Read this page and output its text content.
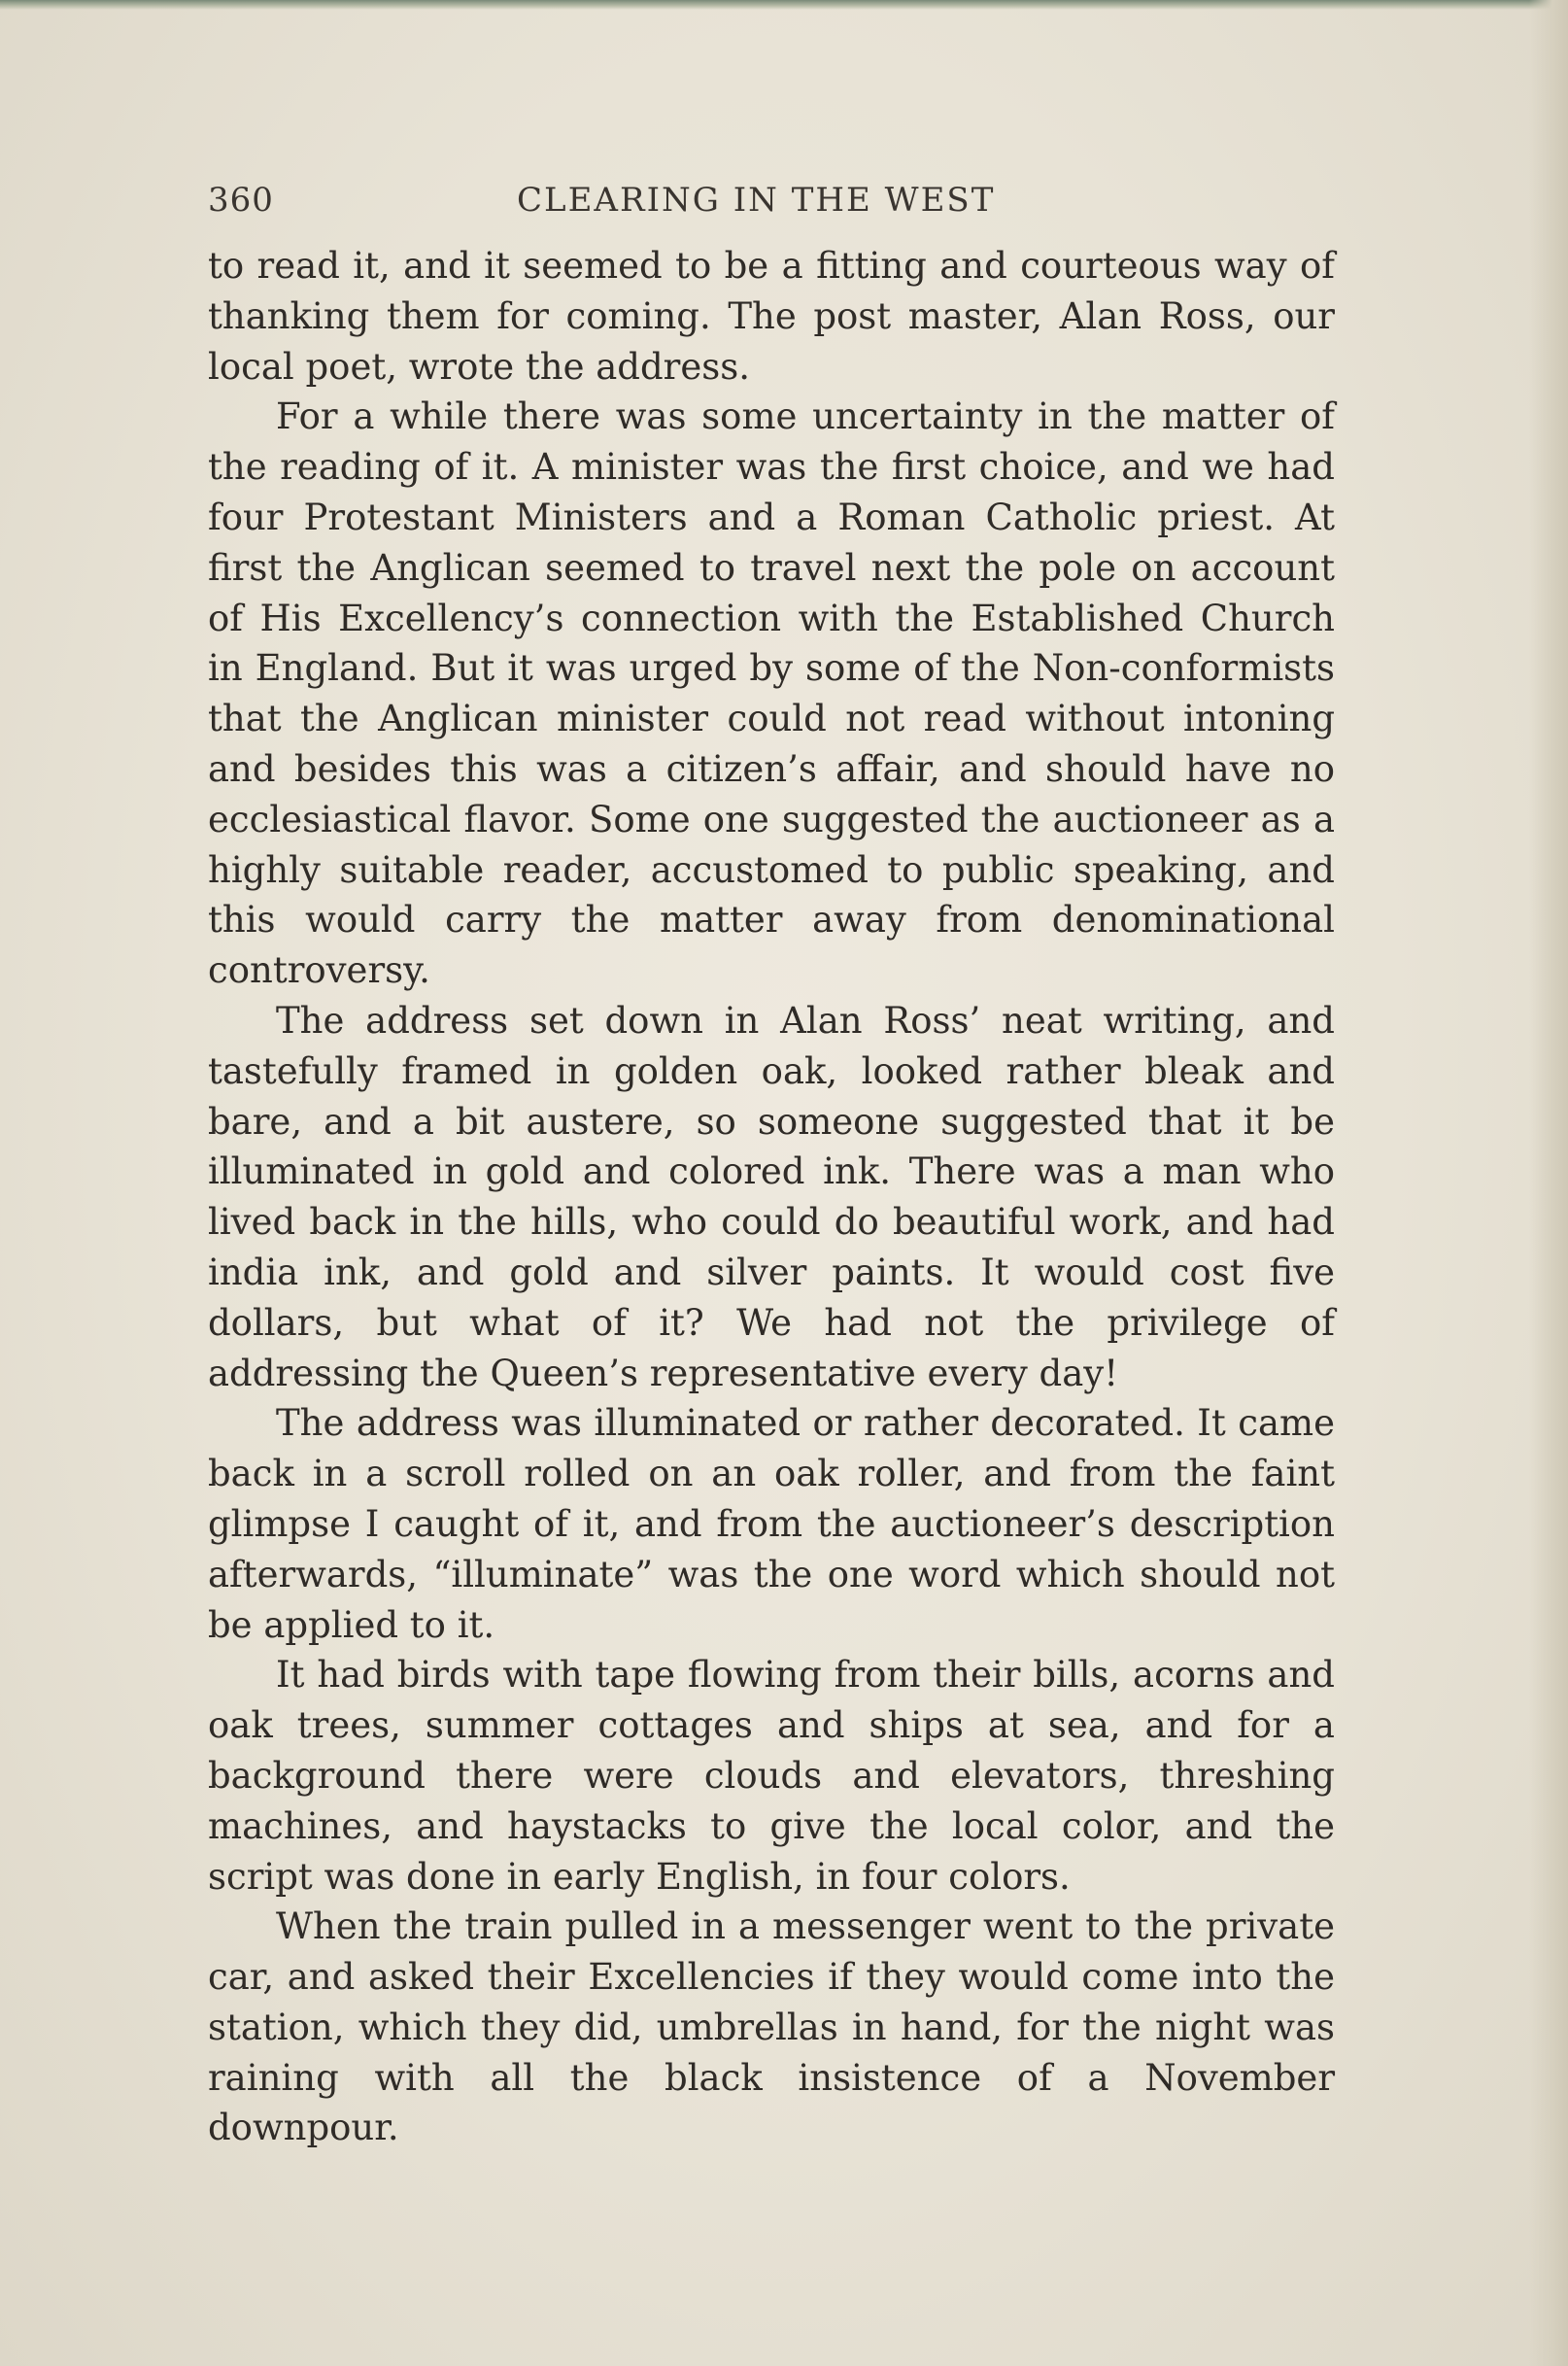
360	CLEARING IN THE WEST

to read it, and it seemed to be a fitting and courteous way of thanking them for coming. The post master, Alan Ross, our local poet, wrote the address.

For a while there was some uncertainty in the matter of the reading of it. A minister was the first choice, and we had four Protestant Ministers and a Roman Catholic priest. At first the Anglican seemed to travel next the pole on account of His Excellency’s connection with the Established Church in England. But it was urged by some of the Non-conformists that the Anglican minister could not read without intoning and besides this was a citizen’s affair, and should have no ecclesiastical flavor. Some one suggested the auctioneer as a highly suitable reader, accustomed to public speaking, and this would carry the matter away from denominational controversy.

The address set down in Alan Ross’ neat writing, and tastefully framed in golden oak, looked rather bleak and bare, and a bit austere, so someone suggested that it be illuminated in gold and colored ink. There was a man who lived back in the hills, who could do beautiful work, and had india ink, and gold and silver paints. It would cost five dollars, but what of it? We had not the privilege of addressing the Queen’s representative every day!

The address was illuminated or rather decorated. It came back in a scroll rolled on an oak roller, and from the faint glimpse I caught of it, and from the auctioneer’s description afterwards, “illuminate” was the one word which should not be applied to it.

It had birds with tape flowing from their bills, acorns and oak trees, summer cottages and ships at sea, and for a background there were clouds and elevators, threshing machines, and haystacks to give the local color, and the script was done in early English, in four colors.

When the train pulled in a messenger went to the private car, and asked their Excellencies if they would come into the station, which they did, umbrellas in hand, for the night was raining with all the black insistence of a November downpour.
